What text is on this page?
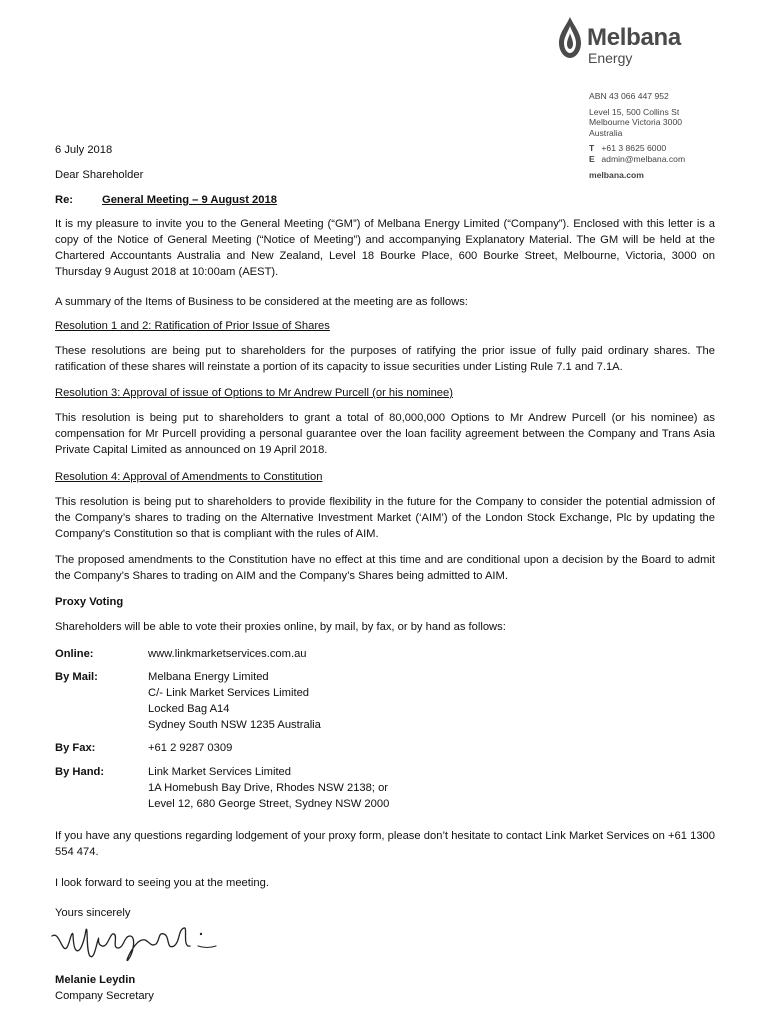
Melbana
Energy
ABN 43 066 447 952
Level 15, 500 Collins St
Melbourne Victoria 3000
Australia
T +61 3 8625 6000
E admin@melbana.com
melbana.com
6 July 2018
Dear Shareholder
Re:	General Meeting – 9 August 2018
It is my pleasure to invite you to the General Meeting (“GM”) of Melbana Energy Limited (“Company”). Enclosed with this letter is a copy of the Notice of General Meeting (“Notice of Meeting”) and accompanying Explanatory Material. The GM will be held at the Chartered Accountants Australia and New Zealand, Level 18 Bourke Place, 600 Bourke Street, Melbourne, Victoria, 3000 on Thursday 9 August 2018 at 10:00am (AEST).
A summary of the Items of Business to be considered at the meeting are as follows:
Resolution 1 and 2: Ratification of Prior Issue of Shares
These resolutions are being put to shareholders for the purposes of ratifying the prior issue of fully paid ordinary shares. The ratification of these shares will reinstate a portion of its capacity to issue securities under Listing Rule 7.1 and 7.1A.
Resolution 3: Approval of issue of Options to Mr Andrew Purcell (or his nominee)
This resolution is being put to shareholders to grant a total of 80,000,000 Options to Mr Andrew Purcell (or his nominee) as compensation for Mr Purcell providing a personal guarantee over the loan facility agreement between the Company and Trans Asia Private Capital Limited as announced on 19 April 2018.
Resolution 4: Approval of Amendments to Constitution
This resolution is being put to shareholders to provide flexibility in the future for the Company to consider the potential admission of the Company’s shares to trading on the Alternative Investment Market (‘AIM’) of the London Stock Exchange, Plc by updating the Company's Constitution so that is compliant with the rules of AIM.
The proposed amendments to the Constitution have no effect at this time and are conditional upon a decision by the Board to admit the Company’s Shares to trading on AIM and the Company’s Shares being admitted to AIM.
Proxy Voting
Shareholders will be able to vote their proxies online, by mail, by fax, or by hand as follows:
Online:	www.linkmarketservices.com.au
By Mail:	Melbana Energy Limited
C/- Link Market Services Limited
Locked Bag A14
Sydney South NSW 1235 Australia
By Fax:	+61 2 9287 0309
By Hand:	Link Market Services Limited
1A Homebush Bay Drive, Rhodes NSW 2138; or
Level 12, 680 George Street, Sydney NSW 2000
If you have any questions regarding lodgement of your proxy form, please don’t hesitate to contact Link Market Services on +61 1300 554 474.
I look forward to seeing you at the meeting.
Yours sincerely
Melanie Leydin
Company Secretary
